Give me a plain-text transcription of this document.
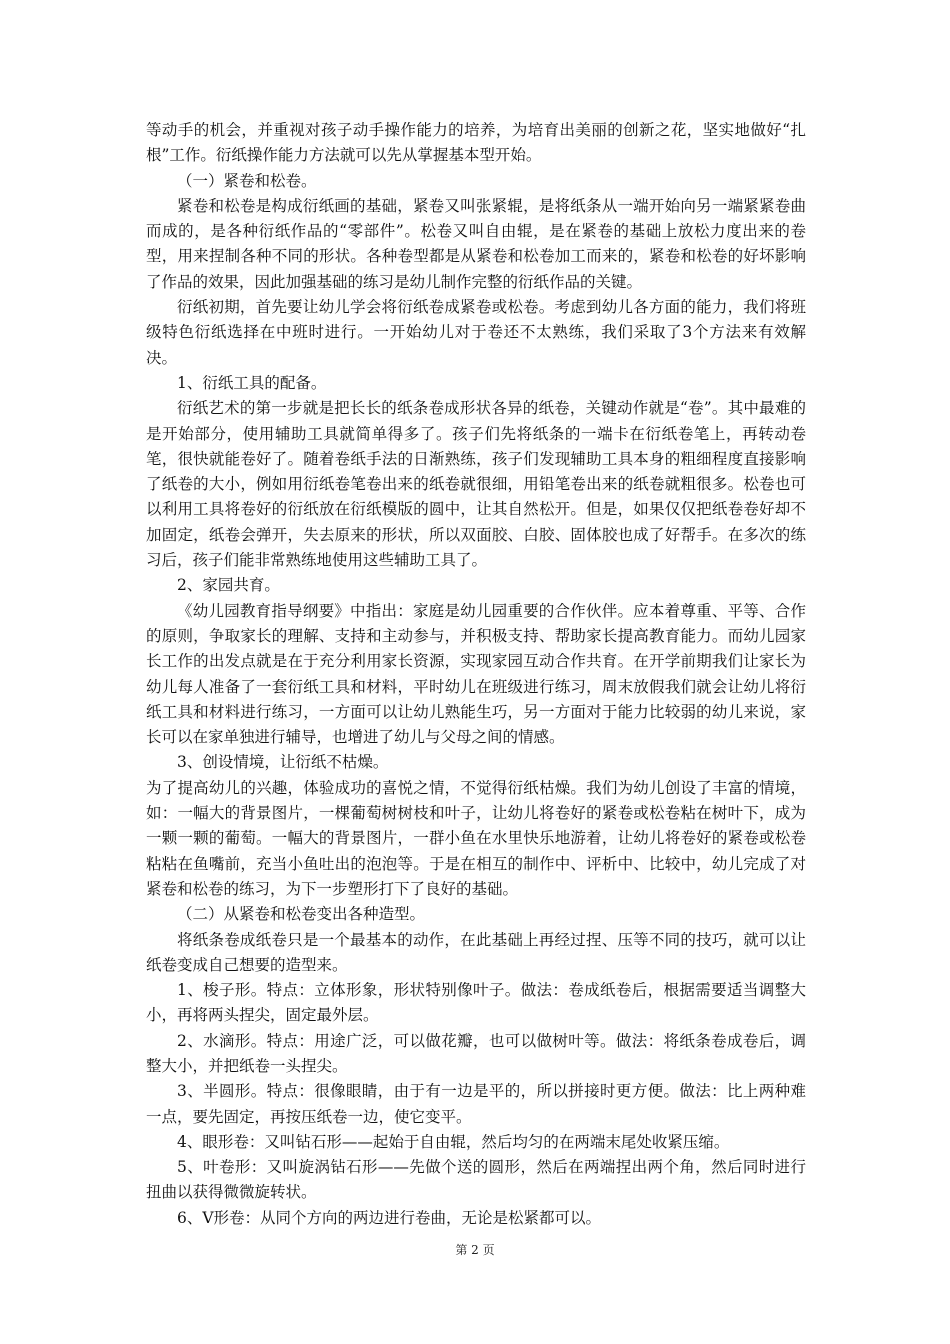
等动手的机会，并重视对孩子动手操作能力的培养，为培育出美丽的创新之花，坚实地做好“扎根”工作。衍纸操作能力方法就可以先从掌握基本型开始。

（一）紧卷和松卷。

紧卷和松卷是构成衍纸画的基础，紧卷又叫张紧辊，是将纸条从一端开始向另一端紧紧卷曲而成的，是各种衍纸作品的“零部件”。松卷又叫自由辊，是在紧卷的基础上放松力度出来的卷型，用来捏制各种不同的形状。各种卷型都是从紧卷和松卷加工而来的，紧卷和松卷的好坏影响了作品的效果，因此加强基础的练习是幼儿制作完整的衍纸作品的关键。

衍纸初期，首先要让幼儿学会将衍纸卷成紧卷或松卷。考虑到幼儿各方面的能力，我们将班级特色衍纸选择在中班时进行。一开始幼儿对于卷还不太熟练，我们采取了3个方法来有效解决。

1、衍纸工具的配备。

衍纸艺术的第一步就是把长长的纸条卷成形状各异的纸卷，关键动作就是“卷”。其中最难的是开始部分，使用辅助工具就简单得多了。孩子们先将纸条的一端卡在衍纸卷笔上，再转动卷笔，很快就能卷好了。随着卷纸手法的日渐熟练，孩子们发现辅助工具本身的粗细程度直接影响了纸卷的大小，例如用衍纸卷笔卷出来的纸卷就很细，用铅笔卷出来的纸卷就粗很多。松卷也可以利用工具将卷好的衍纸放在衍纸模版的圆中，让其自然松开。但是，如果仅仅把纸卷卷好却不加固定，纸卷会弹开，失去原来的形状，所以双面胶、白胶、固体胶也成了好帮手。在多次的练习后，孩子们能非常熟练地使用这些辅助工具了。

2、家园共育。

《幼儿园教育指导纲要》中指出：家庭是幼儿园重要的合作伙伴。应本着尊重、平等、合作的原则，争取家长的理解、支持和主动参与，并积极支持、帮助家长提高教育能力。而幼儿园家长工作的出发点就是在于充分利用家长资源，实现家园互动合作共育。在开学前期我们让家长为幼儿每人准备了一套衍纸工具和材料，平时幼儿在班级进行练习，周末放假我们就会让幼儿将衍纸工具和材料进行练习，一方面可以让幼儿熟能生巧，另一方面对于能力比较弱的幼儿来说，家长可以在家单独进行辅导，也增进了幼儿与父母之间的情感。

3、创设情境，让衍纸不枯燥。

为了提高幼儿的兴趣，体验成功的喜悦之情，不觉得衍纸枯燥。我们为幼儿创设了丰富的情境，如：一幅大的背景图片，一棵葡萄树树枝和叶子，让幼儿将卷好的紧卷或松卷粘在树叶下，成为一颗一颗的葡萄。一幅大的背景图片，一群小鱼在水里快乐地游着，让幼儿将卷好的紧卷或松卷粘粘在鱼嘴前，充当小鱼吐出的泡泡等。于是在相互的制作中、评析中、比较中，幼儿完成了对紧卷和松卷的练习，为下一步塑形打下了良好的基础。

（二）从紧卷和松卷变出各种造型。

将纸条卷成纸卷只是一个最基本的动作，在此基础上再经过捏、压等不同的技巧，就可以让纸卷变成自己想要的造型来。

1、梭子形。特点：立体形象，形状特别像叶子。做法：卷成纸卷后，根据需要适当调整大小，再将两头捏尖，固定最外层。

2、水滴形。特点：用途广泛，可以做花瓣，也可以做树叶等。做法：将纸条卷成卷后，调整大小，并把纸卷一头捏尖。

3、半圆形。特点：很像眼睛，由于有一边是平的，所以拼接时更方便。做法：比上两种难一点，要先固定，再按压纸卷一边，使它变平。

4、眼形卷：又叫钻石形——起始于自由辊，然后均匀的在两端末尾处收紧压缩。

5、叶卷形：又叫旋涡钻石形——先做个送的圆形，然后在两端捏出两个角，然后同时进行扭曲以获得微微旋转状。

6、V形卷：从同个方向的两边进行卷曲，无论是松紧都可以。

第 2 页
